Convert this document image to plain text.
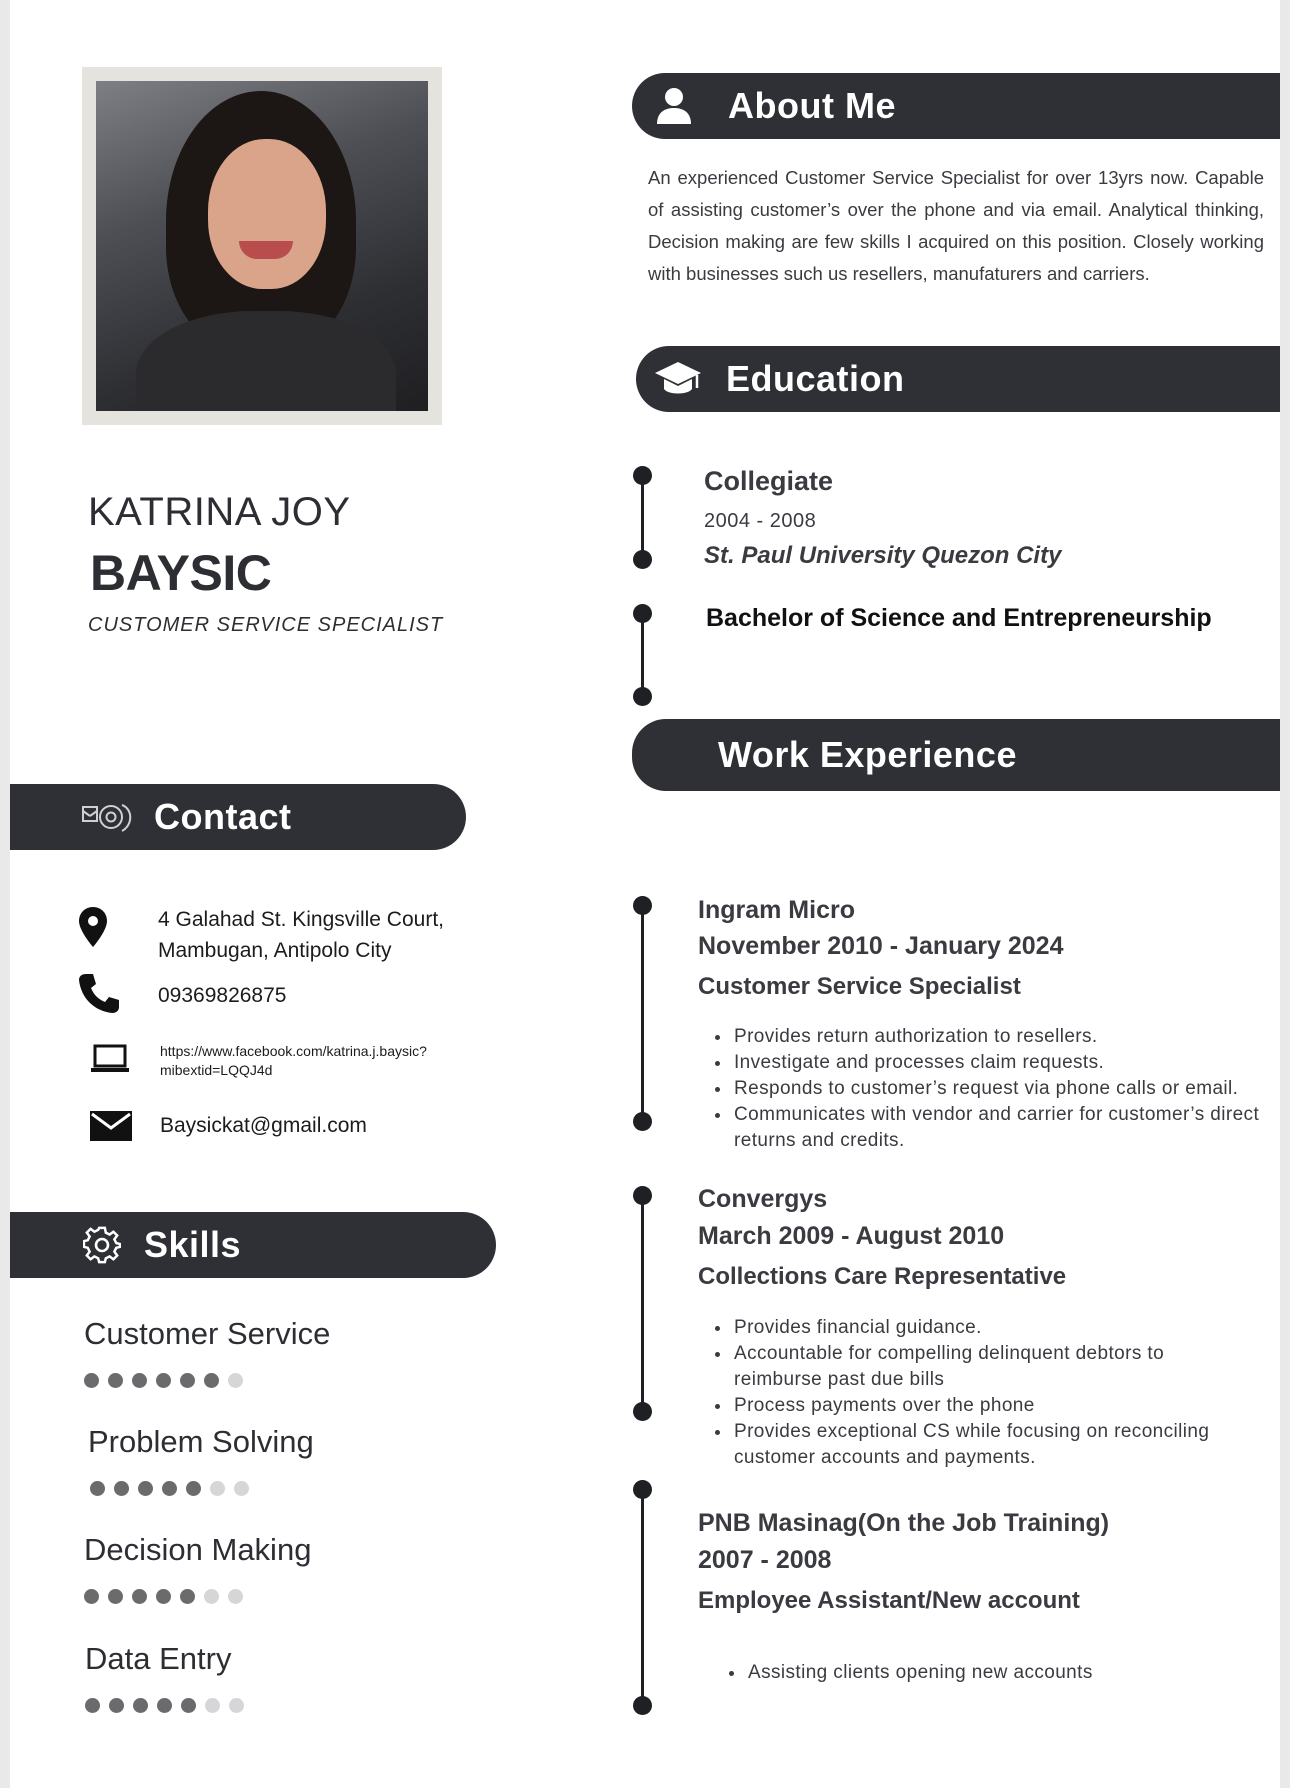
KATRINA JOY
BAYSIC
CUSTOMER SERVICE SPECIALIST
Contact
4 Galahad St. Kingsville Court,
Mambugan, Antipolo City
09369826875
https://www.facebook.com/katrina.j.baysic?
mibextid=LQQJ4d
Baysickat@gmail.com
Skills
Customer Service
Problem Solving
Decision Making
Data Entry
About Me
An experienced Customer Service Specialist for over 13yrs now. Capable of assisting customer’s over the phone and via email. Analytical thinking, Decision making are few skills I acquired on this position. Closely working with businesses such us resellers, manufaturers and carriers.
Education
Collegiate
2004 - 2008
St. Paul University Quezon City
Bachelor of Science and Entrepreneurship
Work Experience
Ingram Micro
November 2010 - January 2024
Customer Service Specialist
• Provides return authorization to resellers.
• Investigate and processes claim requests.
• Responds to customer’s request via phone calls or email.
• Communicates with vendor and carrier for customer’s direct returns and credits.
Convergys
March 2009 - August 2010
Collections Care Representative
• Provides financial guidance.
• Accountable for compelling delinquent debtors to reimburse past due bills
• Process payments over the phone
• Provides exceptional CS while focusing on reconciling customer accounts and payments.
PNB Masinag(On the Job Training)
2007 - 2008
Employee Assistant/New account
• Assisting clients opening new accounts
